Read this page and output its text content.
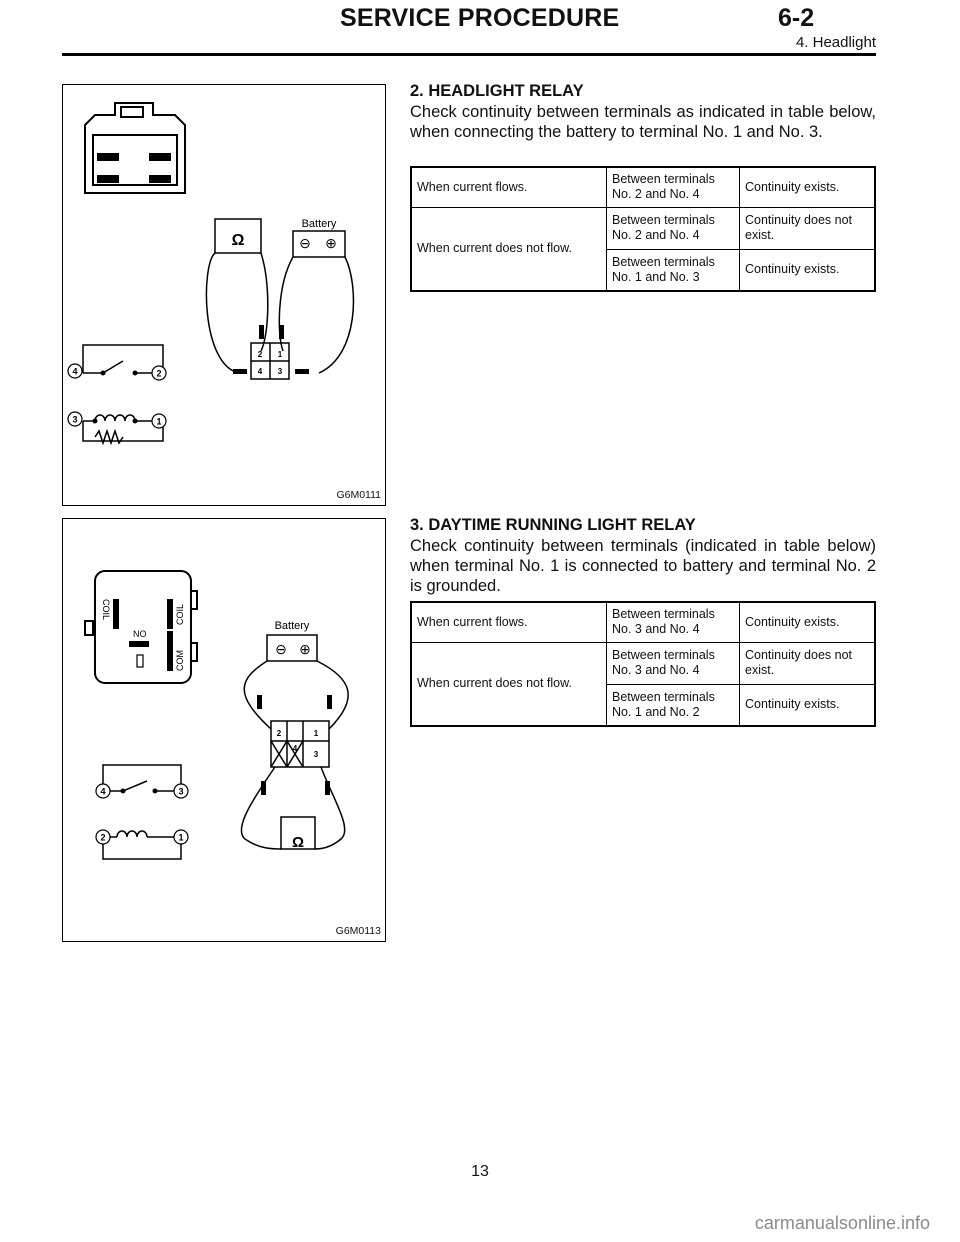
SERVICE PROCEDURE	6-2
4. Headlight
4	2
3	1
Ω	⊖ ⊕
Battery
2 1
4 3
G6M0111
2. HEADLIGHT RELAY
Check continuity between terminals as indicated in table below, when connecting the battery to terminal No. 1 and No. 3.
When current flows.	Between terminals No. 2 and No. 4	Continuity exists.
When current does not flow.	Between terminals No. 2 and No. 4	Continuity does not exist.
	Between terminals No. 1 and No. 3	Continuity exists.
COIL
NO
COIL
COM
4	3
2	1
Battery
⊖ ⊕
Ω
2	1
4
3
G6M0113
3. DAYTIME RUNNING LIGHT RELAY
Check continuity between terminals (indicated in table below) when terminal No. 1 is connected to battery and terminal No. 2 is grounded.
When current flows.	Between terminals No. 3 and No. 4	Continuity exists.
When current does not flow.	Between terminals No. 3 and No. 4	Continuity does not exist.
	Between terminals No. 1 and No. 2	Continuity exists.
13
carmanualsonline.info
